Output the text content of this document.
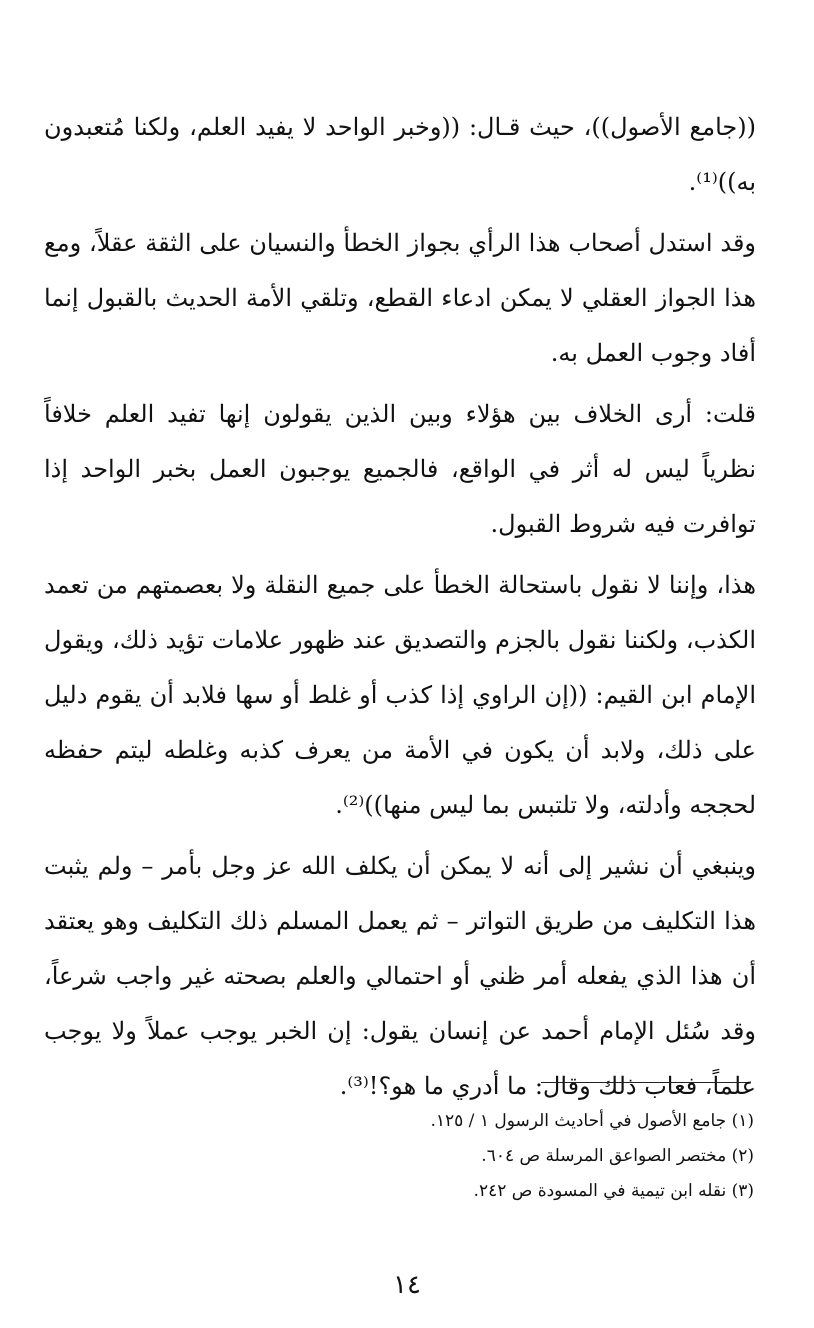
((جامع الأصول))، حيث قـال: ((وخبر الواحد لا يفيد العلم، ولكنا مُتعبدون به))⁽¹⁾.

وقد استدل أصحاب هذا الرأي بجواز الخطأ والنسيان على الثقة عقلاً، ومع هذا الجواز العقلي لا يمكن ادعاء القطع، وتلقي الأمة الحديث بالقبول إنما أفاد وجوب العمل به.

قلت: أرى الخلاف بين هؤلاء وبين الذين يقولون إنها تفيد العلم خلافاً نظرياً ليس له أثر في الواقع، فالجميع يوجبون العمل بخبر الواحد إذا توافرت فيه شروط القبول.

هذا، وإننا لا نقول باستحالة الخطأ على جميع النقلة ولا بعصمتهم من تعمد الكذب، ولكننا نقول بالجزم والتصديق عند ظهور علامات تؤيد ذلك، ويقول الإمام ابن القيم: ((إن الراوي إذا كذب أو غلط أو سها فلابد أن يقوم دليل على ذلك، ولابد أن يكون في الأمة من يعرف كذبه وغلطه ليتم حفظه لحججه وأدلته، ولا تلتبس بما ليس منها))⁽²⁾.

وينبغي أن نشير إلى أنه لا يمكن أن يكلف الله عز وجل بأمر – ولم يثبت هذا التكليف من طريق التواتر – ثم يعمل المسلم ذلك التكليف وهو يعتقد أن هذا الذي يفعله أمر ظني أو احتمالي والعلم بصحته غير واجب شرعاً، وقد سُئل الإمام أحمد عن إنسان يقول: إن الخبر يوجب عملاً ولا يوجب علماً، فعاب ذلك وقال: ما أدري ما هو؟!⁽³⁾.

(١) جامع الأصول في أحاديث الرسول ١ / ١٢٥.

(٢) مختصر الصواعق المرسلة ص ٦٠٤.

(٣) نقله ابن تيمية في المسودة ص ٢٤٢.

١٤
